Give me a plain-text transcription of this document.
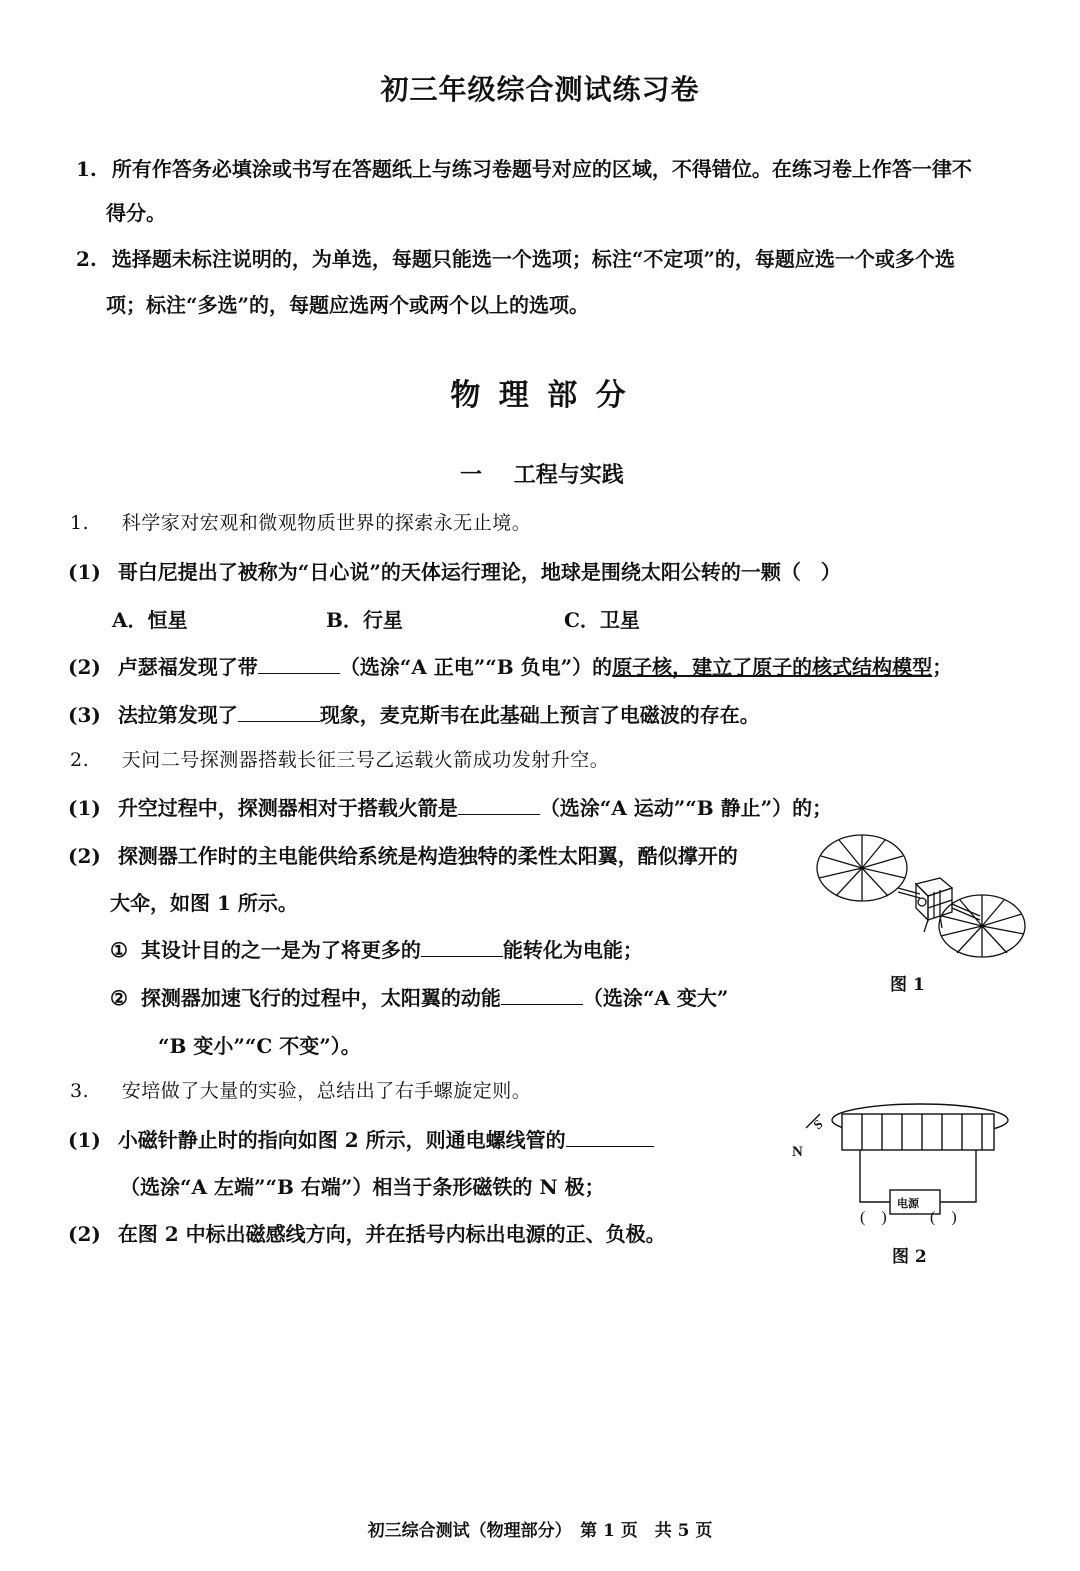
初三年级综合测试练习卷
1. 所有作答务必填涂或书写在答题纸上与练习卷题号对应的区域，不得错位。在练习卷上作答一律不
得分。
2. 选择题未标注说明的，为单选，每题只能选一个选项；标注“不定项”的，每题应选一个或多个选
项；标注“多选”的，每题应选两个或两个以上的选项。
物 理 部 分
一 工程与实践
1. 科学家对宏观和微观物质世界的探索永无止境。
(1) 哥白尼提出了被称为“日心说”的天体运行理论，地球是围绕太阳公转的一颗（　）
A．恒星	B．行星	C．卫星
(2) 卢瑟福发现了带	（选涂“A 正电”“B 负电”）的原子核，建立了原子的核式结构模型；
(3) 法拉第发现了	现象，麦克斯韦在此基础上预言了电磁波的存在。
2. 天问二号探测器搭载长征三号乙运载火箭成功发射升空。
(1) 升空过程中，探测器相对于搭载火箭是	（选涂“A 运动”“B 静止”）的；
(2) 探测器工作时的主电能供给系统是构造独特的柔性太阳翼，酷似撑开的
大伞，如图 1 所示。
① 其设计目的之一是为了将更多的	能转化为电能；
② 探测器加速飞行的过程中，太阳翼的动能	（选涂“A 变大”
“B 变小”“C 不变”）。
图 1
3. 安培做了大量的实验，总结出了右手螺旋定则。
(1) 小磁针静止时的指向如图 2 所示，则通电螺线管的
（选涂“A 左端”“B 右端”）相当于条形磁铁的 N 极；
(2) 在图 2 中标出磁感线方向，并在括号内标出电源的正、负极。
N
S
电源
(　)	(　)
图 2
初三综合测试（物理部分）　第 1 页　共 5 页
